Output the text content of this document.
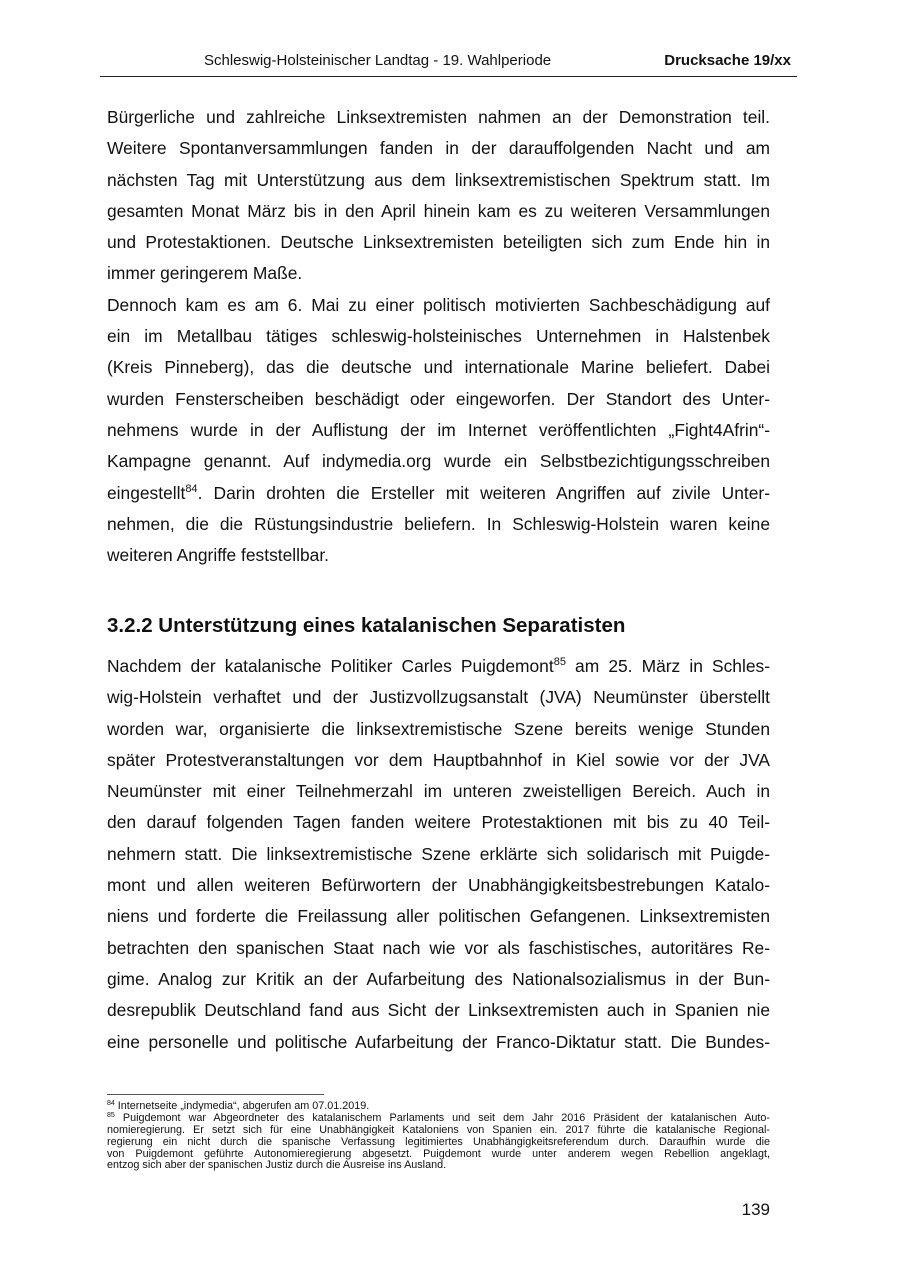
Schleswig-Holsteinischer Landtag - 19. Wahlperiode	Drucksache 19/xx
Bürgerliche und zahlreiche Linksextremisten nahmen an der Demonstration teil.
Weitere Spontanversammlungen fanden in der darauffolgenden Nacht und am
nächsten Tag mit Unterstützung aus dem linksextremistischen Spektrum statt. Im
gesamten Monat März bis in den April hinein kam es zu weiteren Versammlungen
und Protestaktionen. Deutsche Linksextremisten beteiligten sich zum Ende hin in
immer geringerem Maße.
Dennoch kam es am 6. Mai zu einer politisch motivierten Sachbeschädigung auf
ein im Metallbau tätiges schleswig-holsteinisches Unternehmen in Halstenbek
(Kreis Pinneberg), das die deutsche und internationale Marine beliefert. Dabei
wurden Fensterscheiben beschädigt oder eingeworfen. Der Standort des Unter-
nehmens wurde in der Auflistung der im Internet veröffentlichten „Fight4Afrin“-
Kampagne genannt. Auf indymedia.org wurde ein Selbstbezichtigungsschreiben
eingestellt$^{84}$. Darin drohten die Ersteller mit weiteren Angriffen auf zivile Unter-
nehmen, die die Rüstungsindustrie beliefern. In Schleswig-Holstein waren keine
weiteren Angriffe feststellbar.
3.2.2 Unterstützung eines katalanischen Separatisten
Nachdem der katalanische Politiker Carles Puigdemont$^{85}$ am 25. März in Schles-
wig-Holstein verhaftet und der Justizvollzugsanstalt (JVA) Neumünster überstellt
worden war, organisierte die linksextremistische Szene bereits wenige Stunden
später Protestveranstaltungen vor dem Hauptbahnhof in Kiel sowie vor der JVA
Neumünster mit einer Teilnehmerzahl im unteren zweistelligen Bereich. Auch in
den darauf folgenden Tagen fanden weitere Protestaktionen mit bis zu 40 Teil-
nehmern statt. Die linksextremistische Szene erklärte sich solidarisch mit Puigde-
mont und allen weiteren Befürwortern der Unabhängigkeitsbestrebungen Katalo-
niens und forderte die Freilassung aller politischen Gefangenen. Linksextremisten
betrachten den spanischen Staat nach wie vor als faschistisches, autoritäres Re-
gime. Analog zur Kritik an der Aufarbeitung des Nationalsozialismus in der Bun-
desrepublik Deutschland fand aus Sicht der Linksextremisten auch in Spanien nie
eine personelle und politische Aufarbeitung der Franco-Diktatur statt. Die Bundes-
$^{84}$ Internetseite „indymedia“, abgerufen am 07.01.2019.
$^{85}$ Puigdemont war Abgeordneter des katalanischem Parlaments und seit dem Jahr 2016 Präsident der katalanischen Auto-
nomieregierung. Er setzt sich für eine Unabhängigkeit Kataloniens von Spanien ein. 2017 führte die katalanische Regional-
regierung ein nicht durch die spanische Verfassung legitimiertes Unabhängigkeitsreferendum durch. Daraufhin wurde die
von Puigdemont geführte Autonomieregierung abgesetzt. Puigdemont wurde unter anderem wegen Rebellion angeklagt,
entzog sich aber der spanischen Justiz durch die Ausreise ins Ausland.
139
